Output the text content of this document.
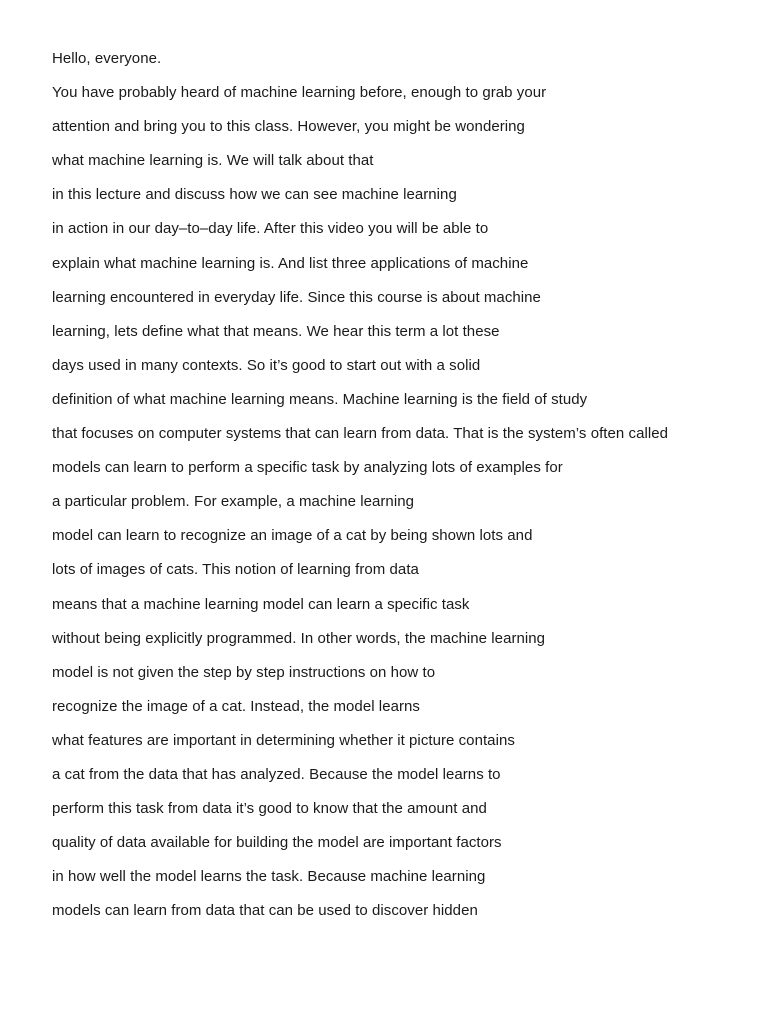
Hello, everyone.
You have probably heard of machine learning before, enough to grab your
attention and bring you to this class. However, you might be wondering
what machine learning is. We will talk about that
in this lecture and discuss how we can see machine learning
in action in our day–to–day life. After this video you will be able to
explain what machine learning is. And list three applications of machine
learning encountered in everyday life. Since this course is about machine
learning, lets define what that means. We hear this term a lot these
days used in many contexts. So it’s good to start out with a solid
definition of what machine learning means. Machine learning is the field of study
that focuses on computer systems that can learn from data. That is the system’s often called
models can learn to perform a specific task by analyzing lots of examples for
a particular problem. For example, a machine learning
model can learn to recognize an image of a cat by being shown lots and
lots of images of cats. This notion of learning from data
means that a machine learning model can learn a specific task
without being explicitly programmed. In other words, the machine learning
model is not given the step by step instructions on how to
recognize the image of a cat. Instead, the model learns
what features are important in determining whether it picture contains
a cat from the data that has analyzed. Because the model learns to
perform this task from data it’s good to know that the amount and
quality of data available for building the model are important factors
in how well the model learns the task. Because machine learning
models can learn from data that can be used to discover hidden
